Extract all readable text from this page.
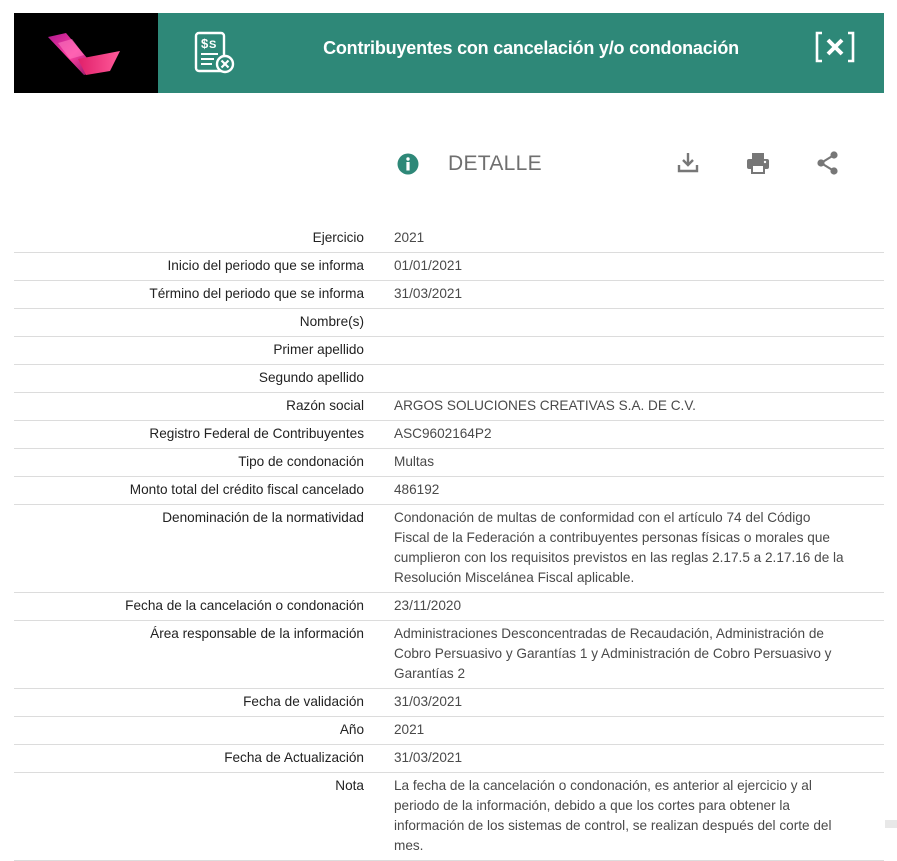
$ S	Contribuyentes con cancelación y/o condonación
DETALLE
Ejercicio	2021
Inicio del periodo que se informa	01/01/2021
Término del periodo que se informa	31/03/2021
Nombre(s)	
Primer apellido	
Segundo apellido	
Razón social	ARGOS SOLUCIONES CREATIVAS S.A. DE C.V.
Registro Federal de Contribuyentes	ASC9602164P2
Tipo de condonación	Multas
Monto total del crédito fiscal cancelado	486192
Denominación de la normatividad	Condonación de multas de conformidad con el artículo 74 del Código Fiscal de la Federación a contribuyentes personas físicas o morales que cumplieron con los requisitos previstos en las reglas 2.17.5 a 2.17.16 de la Resolución Miscelánea Fiscal aplicable.
Fecha de la cancelación o condonación	23/11/2020
Área responsable de la información	Administraciones Desconcentradas de Recaudación, Administración de Cobro Persuasivo y Garantías 1 y Administración de Cobro Persuasivo y Garantías 2
Fecha de validación	31/03/2021
Año	2021
Fecha de Actualización	31/03/2021
Nota	La fecha de la cancelación o condonación, es anterior al ejercicio y al periodo de la información, debido a que los cortes para obtener la información de los sistemas de control, se realizan después del corte del mes.
